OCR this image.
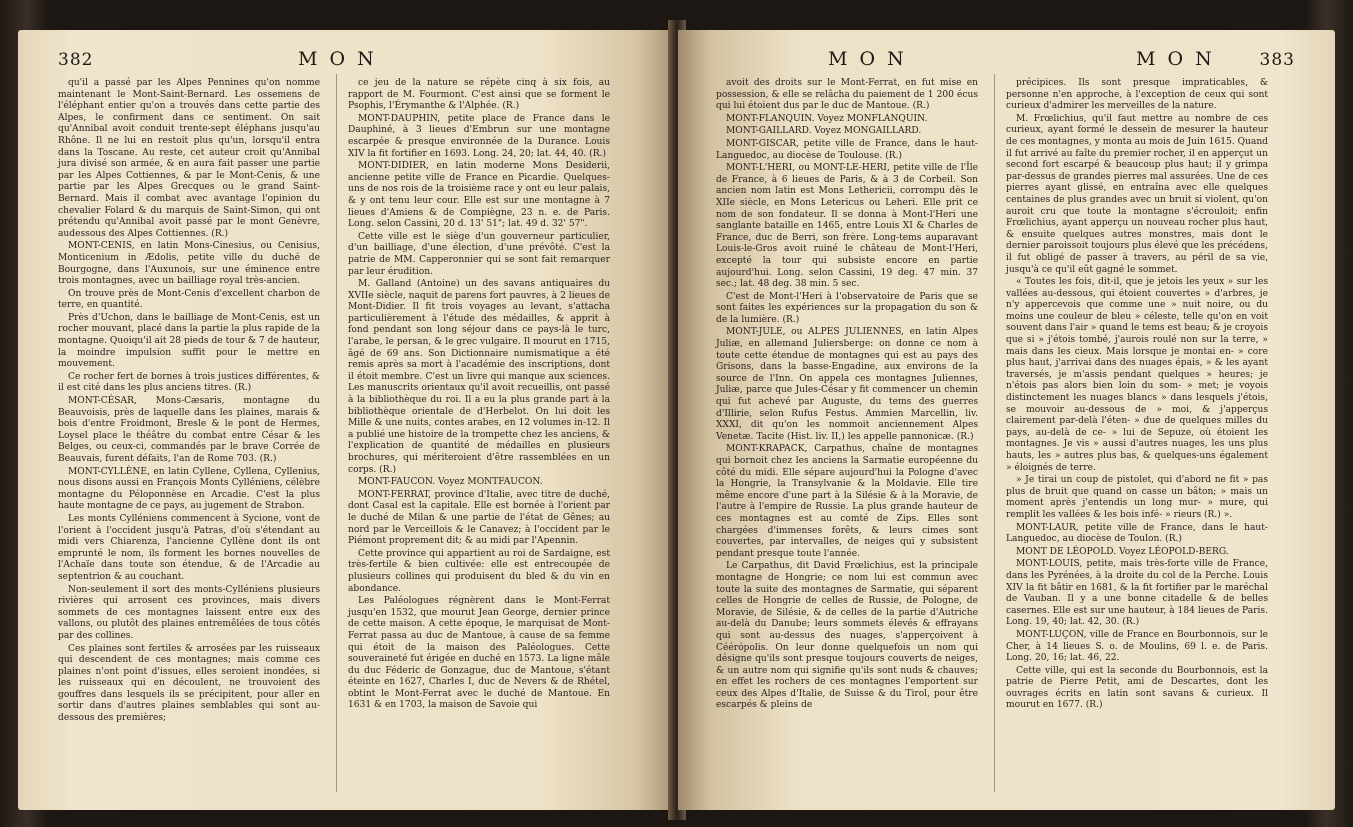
382	M O N

qu'il a passé par les Alpes Pennines qu'on nomme maintenant le Mont-Saint-Bernard. Les ossemens de l'éléphant entier qu'on a trouvés dans cette partie des Alpes, le confirment dans ce sentiment. On sait qu'Annibal avoit conduit trente-sept éléphans jusqu'au Rhône. Il ne lui en restoit plus qu'un, lorsqu'il entra dans la Toscane. Au reste, cet auteur croit qu'Annibal jura divisé son armée, & en aura fait passer une partie par les Alpes Cottiennes, & par le Mont-Cenis, & une partie par les Alpes Grecques ou le grand Saint-Bernard. Mais il combat avec avantage l'opinion du chevalier Folard & du marquis de Saint-Simon, qui ont prétendu qu'Annibal avoit passé par le mont Genèvre, audessous des Alpes Cottiennes. (R.)

MONT-CENIS, en latin Mons-Cinesius, ou Cenisius, Monticenium in Ædolis, petite ville du duché de Bourgogne, dans l'Auxunois, sur une éminence entre trois montagnes, avec un bailliage royal très-ancien.

On trouve près de Mont-Cenis d'excellent charbon de terre, en quantité.

Près d'Uchon, dans le bailliage de Mont-Cenis, est un rocher mouvant, placé dans la partie la plus rapide de la montagne. Quoiqu'il ait 28 pieds de tour & 7 de hauteur, la moindre impulsion suffit pour le mettre en mouvement.

Ce rocher fert de bornes à trois justices différentes, & il est cité dans les plus anciens titres. (R.)

MONT-CÉSAR, Mons-Cæsaris, montagne du Beauvoisis, près de laquelle dans les plaines, marais & bois d'entre Froidmont, Bresle & le pont de Hermes, Loysel place le théâtre du combat entre César & les Belges, ou ceux-ci, commandés par le brave Corrée de Beauvais, furent défaits, l'an de Rome 703. (R.)

MONT-CYLLÈNE, en latin Cyllene, Cyllena, Cyllenius, nous disons aussi en François Monts Cylléniens, célèbre montagne du Péloponnèse en Arcadie. C'est la plus haute montagne de ce pays, au jugement de Strabon.

Les monts Cylléniens commencent à Sycione, vont de l'orient à l'occident jusqu'à Patras, d'où s'étendant au midi vers Chiarenza, l'ancienne Cyllène dont ils ont emprunté le nom, ils forment les bornes nouvelles de l'Achaïe dans toute son étendue, & de l'Arcadie au septentrion & au couchant.

Non-seulement il sort des monts-Cylléniens plusieurs rivières qui arrosent ces provinces, mais divers sommets de ces montagnes laissent entre eux des vallons, ou plutôt des plaines entremêlées de tous côtés par des collines.

Ces plaines sont fertiles & arrosées par les ruisseaux qui descendent de ces montagnes; mais comme ces plaines n'ont point d'issues, elles seroient inondées, si les ruisseaux qui en découlent, ne trouvoient des gouffres dans lesquels ils se précipitent, pour aller en sortir dans d'autres plaines semblables qui sont au-dessous des premières;

ce jeu de la nature se répète cinq à six fois, au rapport de M. Fourmont. C'est ainsi que se forment le Psophis, l'Érymanthe & l'Alphée. (R.)

MONT-DAUPHIN, petite place de France dans le Dauphiné, à 3 lieues d'Embrun sur une montagne escarpée & presque environnée de la Durance. Louis XIV la fit fortifier en 1693. Long. 24, 20; lat. 44, 40. (R.)

MONT-DIDIER, en latin moderne Mons Desiderii, ancienne petite ville de France en Picardie. Quelques-uns de nos rois de la troisième race y ont eu leur palais, & y ont tenu leur cour. Elle est sur une montagne à 7 lieues d'Amiens & de Compiègne, 23 n. e. de Paris. Long. selon Cassini, 20 d. 13' 51"; lat. 49 d. 32' 57".

Cette ville est le siège d'un gouverneur particulier, d'un bailliage, d'une élection, d'une prévôté. C'est la patrie de MM. Capperonnier qui se sont fait remarquer par leur érudition.

M. Galland (Antoine) un des savans antiquaires du XVIIe siècle, naquit de parens fort pauvres, à 2 lieues de Mont-Didier. Il fit trois voyages au levant, s'attacha particulièrement à l'étude des médailles, & apprit à fond pendant son long séjour dans ce pays-là le turc, l'arabe, le persan, & le grec vulgaire. Il mourut en 1715, âgé de 69 ans. Son Dictionnaire numismatique a été remis après sa mort à l'académie des inscriptions, dont il étoit membre. C'est un livre qui manque aux sciences. Les manuscrits orientaux qu'il avoit recueillis, ont passé à la bibliothèque du roi. Il a eu la plus grande part à la bibliothèque orientale de d'Herbelot. On lui doit les Mille & une nuits, contes arabes, en 12 volumes in-12. Il a publié une histoire de la trompette chez les anciens, & l'explication de quantité de médailles en plusieurs brochures, qui mériteroient d'être rassemblées en un corps. (R.)

MONT-FAUCON. Voyez MONTFAUCON.

MONT-FERRAT, province d'Italie, avec titre de duché, dont Casal est la capitale. Elle est bornée à l'orient par le duché de Milan & une partie de l'état de Gênes; au nord par le Verceillois & le Canavez; à l'occident par le Piémont proprement dit; & au midi par l'Apennin.

Cette province qui appartient au roi de Sardaigne, est très-fertile & bien cultivée: elle est entrecoupée de plusieurs collines qui produisent du bled & du vin en abondance.

Les Paléologues régnèrent dans le Mont-Ferrat jusqu'en 1532, que mourut Jean George, dernier prince de cette maison. A cette époque, le marquisat de Mont-Ferrat passa au duc de Mantoue, à cause de sa femme qui étoit de la maison des Paléologues. Cette souveraineté fut érigée en duché en 1573. La ligne mâle du duc Féderic de Gonzague, duc de Mantoue, s'étant éteinte en 1627, Charles I, duc de Nevers & de Rhétel, obtint le Mont-Ferrat avec le duché de Mantoue. En 1631 & en 1703, la maison de Savoie qui

M O N	M O N	383

avoit des droits sur le Mont-Ferrat, en fut mise en possession, & elle se relâcha du paiement de 1 200 écus qui lui étoient dus par le duc de Mantoue. (R.)

MONT-FLANQUIN. Voyez MONFLANQUIN.

MONT-GAILLARD. Voyez MONGAILLARD.

MONT-GISCAR, petite ville de France, dans le haut-Languedoc, au diocèse de Toulouse. (R.)

MONT-L'HERI, ou MONT-LE-HERI, petite ville de l'Île de France, à 6 lieues de Paris, & à 3 de Corbeil. Son ancien nom latin est Mons Lethericii, corrompu dès le XIIe siècle, en Mons Letericus ou Leheri. Elle prit ce nom de son fondateur. Il se donna à Mont-l'Heri une sanglante bataille en 1465, entre Louis XI & Charles de France, duc de Berri, son frère. Long-tems auparavant Louis-le-Gros avoit ruiné le château de Mont-l'Heri, excepté la tour qui subsiste encore en partie aujourd'hui. Long. selon Cassini, 19 deg. 47 min. 37 sec.; lat. 48 deg. 38 min. 5 sec.

C'est de Mont-l'Heri à l'observatoire de Paris que se sont faites les expériences sur la propagation du son & de la lumière. (R.)

MONT-JULE, ou ALPES JULIENNES, en latin Alpes Juliæ, en allemand Juliersberge: on donne ce nom à toute cette étendue de montagnes qui est au pays des Grisons, dans la basse-Engadine, aux environs de la source de l'Inn. On appela ces montagnes Juliennes, Juliæ, parce que Jules-César y fit commencer un chemin qui fut achevé par Auguste, du tems des guerres d'Illirie, selon Rufus Festus. Ammien Marcellin, liv. XXXI, dit qu'on les nommoit anciennement Alpes Venetæ. Tacite (Hist. liv. II,) les appelle pannonicæ. (R.)

MONT-KRAPACK, Carpathus, chaîne de montagnes qui bornoit chez les anciens la Sarmatie européenne du côté du midi. Elle sépare aujourd'hui la Pologne d'avec la Hongrie, la Transylvanie & la Moldavie. Elle tire même encore d'une part à la Silésie & à la Moravie, de l'autre à l'empire de Russie. La plus grande hauteur de ces montagnes est au comté de Zips. Elles sont chargées d'immenses forêts, & leurs cimes sont couvertes, par intervalles, de neiges qui y subsistent pendant presque toute l'année.

Le Carpathus, dit David Frœlichius, est la principale montagne de Hongrie; ce nom lui est commun avec toute la suite des montagnes de Sarmatie, qui séparent celles de Hongrie de celles de Russie, de Pologne, de Moravie, de Silésie, & de celles de la partie d'Autriche au-delà du Danube; leurs sommets élevés & effrayans qui sont au-dessus des nuages, s'apperçoivent à Céérópolis. On leur donne quelquefois un nom qui désigne qu'ils sont presque toujours couverts de neiges, & un autre nom qui signifie qu'ils sont nuds & chauves; en effet les rochers de ces montagnes l'emportent sur ceux des Alpes d'Italie, de Suisse & du Tirol, pour être escarpés & pleins de

précipices. Ils sont presque impraticables, & personne n'en approche, à l'exception de ceux qui sont curieux d'admirer les merveilles de la nature.

M. Frœlichius, qu'il faut mettre au nombre de ces curieux, ayant formé le dessein de mesurer la hauteur de ces montagnes, y monta au mois de Juin 1615. Quand il fut arrivé au faîte du premier rocher, il en apperçut un second fort escarpé & beaucoup plus haut; il y grimpa par-dessus de grandes pierres mal assurées. Une de ces pierres ayant glissé, en entraîna avec elle quelques centaines de plus grandes avec un bruit si violent, qu'on auroit cru que toute la montagne s'écrouloit; enfin Frœlichius, ayant apperçu un nouveau rocher plus haut, & ensuite quelques autres monstres, mais dont le dernier paroissoit toujours plus élevé que les précédens, il fut obligé de passer à travers, au péril de sa vie, jusqu'à ce qu'il eût gagné le sommet.

« Toutes les fois, dit-il, que je jetois les yeux » sur les vallées au-dessous, qui étoient couvertes » d'arbres, je n'y appercevois que comme une » nuit noire, ou du moins une couleur de bleu » céleste, telle qu'on en voit souvent dans l'air » quand le tems est beau; & je croyois que si » j'étois tombé, j'aurois roulé non sur la terre, » mais dans les cieux. Mais lorsque je montai en- » core plus haut, j'arrivai dans des nuages épais, » & les ayant traversés, je m'assis pendant quelques » heures; je n'étois pas alors bien loin du som- » met; je voyois distinctement les nuages blancs » dans lesquels j'étois, se mouvoir au-dessous de » moi, & j'apperçus clairement par-delà l'éten- » due de quelques milles du pays, au-delà de ce- » lui de Sepuze, où étoient les montagnes. Je vis » aussi d'autres nuages, les uns plus hauts, les » autres plus bas, & quelques-uns également » éloignés de terre.

» Je tirai un coup de pistolet, qui d'abord ne fit » pas plus de bruit que quand on casse un bâton; » mais un moment après j'entendis un long mur- » mure, qui remplit les vallées & les bois infé- » rieurs (R.) ».

MONT-LAUR, petite ville de France, dans le haut-Languedoc, au diocèse de Toulon. (R.)

MONT DE LÉOPOLD. Voyez LÉOPOLD-BERG.

MONT-LOUIS, petite, mais très-forte ville de France, dans les Pyrénées, à la droite du col de la Perche. Louis XIV la fit bâtir en 1681, & la fit fortifier par le maréchal de Vauban. Il y a une bonne citadelle & de belles casernes. Elle est sur une hauteur, à 184 lieues de Paris. Long. 19, 40; lat. 42, 30. (R.)

MONT-LUÇON, ville de France en Bourbonnois, sur le Cher, à 14 lieues S. o. de Moulins, 69 l. e. de Paris. Long. 20, 16; lat. 46, 22.

Cette ville, qui est la seconde du Bourbonnois, est la patrie de Pierre Petit, ami de Descartes, dont les ouvrages écrits en latin sont savans & curieux. Il mourut en 1677. (R.)
